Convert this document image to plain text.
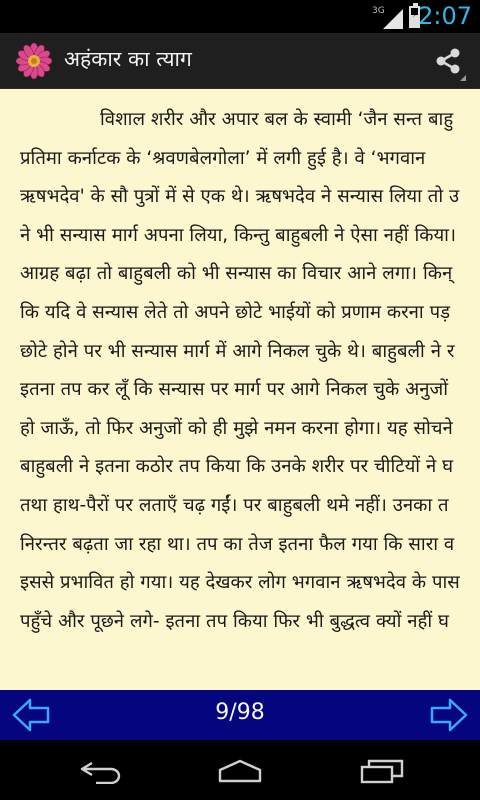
3G	⚡ 2:07
अहंकार का त्याग

विशाल शरीर और अपार बल के स्वामी ‘जैन सन्त बाहु
प्रतिमा कर्नाटक के ‘श्रवणबेलगोला’ में लगी हुई है। वे ‘भगवान
ऋषभदेव' के सौ पुत्रों में से एक थे। ऋषभदेव ने सन्यास लिया तो उ
ने भी सन्यास मार्ग अपना लिया, किन्तु बाहुबली ने ऐसा नहीं किया।
आग्रह बढ़ा तो बाहुबली को भी सन्यास का विचार आने लगा। किन्
कि यदि वे सन्यास लेते तो अपने छोटे भाईयों को प्रणाम करना पड़
छोटे होने पर भी सन्यास मार्ग में आगे निकल चुके थे। बाहुबली ने र
इतना तप कर लूँ कि सन्यास पर मार्ग पर आगे निकल चुके अनुजों
हो जाऊँ, तो फिर अनुजों को ही मुझे नमन करना होगा। यह सोचने
बाहुबली ने इतना कठोर तप किया कि उनके शरीर पर चीटियों ने घ
तथा हाथ-पैरों पर लताएँ चढ़ गईं। पर बाहुबली थमे नहीं। उनका त
निरन्तर बढ़ता जा रहा था। तप का तेज इतना फैल गया कि सारा व
इससे प्रभावित हो गया। यह देखकर लोग भगवान ऋषभदेव के पास
पहुँचे और पूछने लगे- इतना तप किया फिर भी बुद्धत्व क्यों नहीं घ

9/98
